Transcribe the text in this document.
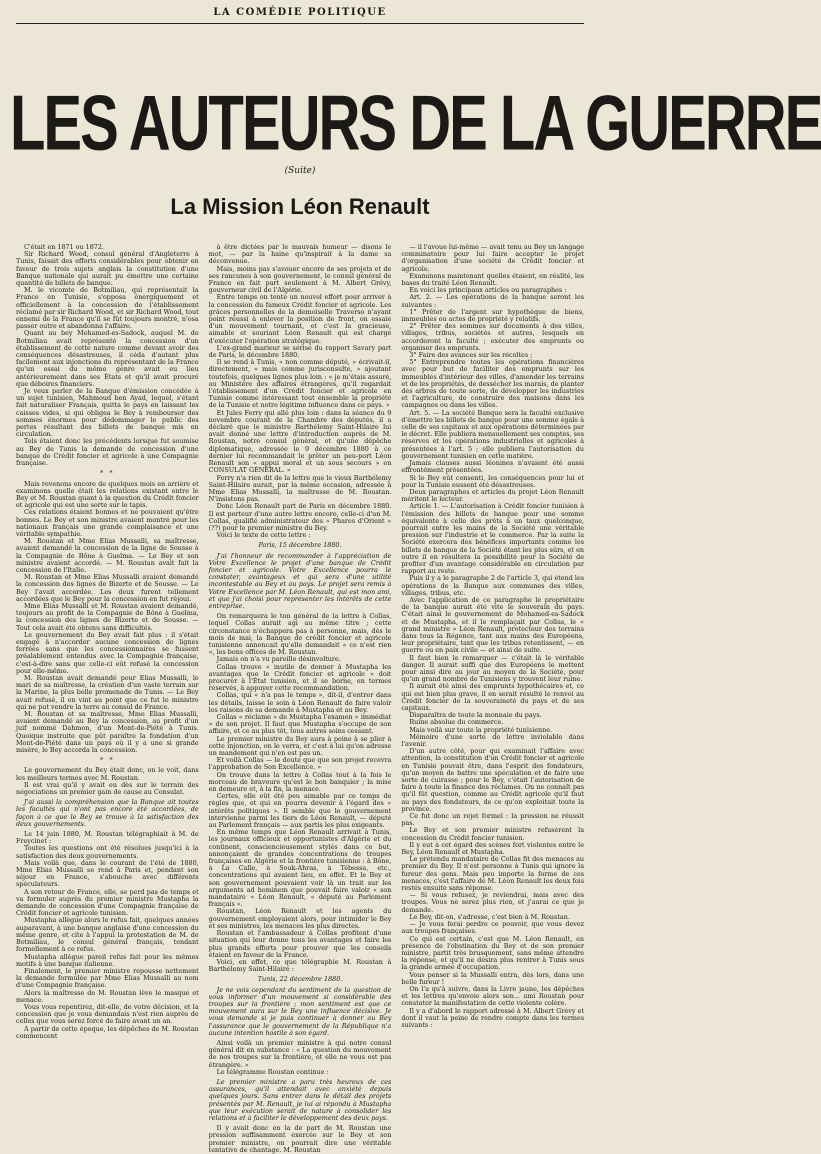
LA COMÉDIE POLITIQUE
LES AUTEURS DE LA GUERRE
(Suite)
La Mission Léon Renault

C'était en 1871 ou 1872.

Sir Richard Wood, consul général d'Angleterre à Tunis, faisait des efforts considérables pour obtenir en faveur de trois sujets anglais la constitution d'une Banque nationale qui aurait pu émettre une certaine quantité de billets de banque.

M. le vicomte de Botmiliau, qui représentait la France en Tunisie, s'opposa énergiquement et officiellement à la concession de l'établissement réclamé par sir Richard Wood, et sir Richard Wood, tout ennemi de la France qu'il se fût toujours montré, n'osa passer outre et abandonna l'affaire.

Quant au bey Mohamed-es-Sadock, auquel M. de Botmiliau avait représenté la concession d'un établissement de cette nature comme devant avoir des conséquences désastreuses, il céda d'autant plus facilement aux injonctions du représentant de la France qu'un essai du même genre avait eu lieu antérieurement dans ses États et qu'il avait procuré que déboires financiers.

Je veux parler de la Banque d'émission concédée à un sujet tunisien, Mahmoud ben Ayad, lequel, s'étant fait naturaliser Français, quitta le pays en laissant les caisses vides, si qui obligea le Bey à rembourser des sommes énormes pour dédommager le public des pertes résultant des billets de banque mis en circulation.

Tels étaient donc les précédents lorsque fut soumise au Bey de Tunis la demande de concession d'une banque de Crédit foncier et agricole à une Compagnie française.

* *

Mais revenons encore de quelques mois en arrière et examinons quelle était les relations existant entre le Bey et M. Roustan quant à la question du Crédit foncier et agricole qui est une sorte sur le tapis.

Ces relations étaient bonnes et ne pouvaient qu'être bonnes. Le Bey et son ministre avaient montré pour les nationaux français une grande complaisance et une véritable sympathie.

M. Roustan et Mme Elias Mussalli, sa maîtresse, avaient demandé la concession de la ligne de Sousse à la Compagnie de Bône à Guelma. — Le Bey et son ministre avaient accordé. — M. Roustan avait fait la concession de l'Italie.

M. Roustan et Mme Elias Mussalli avaient demandé la concession des lignes de Bizerte et de Sousse. — Le Bey l'avait accordée. Les deux furent tellement accordées que le Bey pour la concession en fut réjoui.

Mme Elias Mussalli et M. Roustan avaient demandé, toujours au profit de la Compagnie de Bône à Guelma, la concession des lignes de Bizerte et de Sousse. — Tout cela avait été obtenu sans difficultés.

Le gouvernement du Bey avait fait plus : il s'était engagé à n'accorder aucune concession de lignes ferrées sans que les concessionnaires se fussent préalablement entendus avec la Compagnie française, c'est-à-dire sans que celle-ci eût refusé la concession pour elle-même.

M. Roustan avait demandé pour Elias Mussalli, le mari de sa maîtresse, la création d'un vaste terrain sur la Marine, la plus belle promenade de Tunis. — Le Bey avait refusé, il en vint au point que ce fut le ministre qui ne put vendre la terre au consul de France.

M. Roustan et sa maîtresse, Mme Elias Mussalli, avaient demandé au Bey la concession, au profit d'un juif nommé Dahmon, d'un Mont-de-Piété à Tunis. Quoique instruite que pût paraître la fondation d'un Mont-de-Piété dans un pays où il y a une si grande misère, le Bey accorda la concession.

* *

Le gouvernement du Bey était donc, on le voit, dans les meilleurs termes avec M. Roustan.

Il est vrai qu'il y avait eu dès sur le terrain des négociations un premier gain de cause au Consulat.

J'ai aussi la compréhension que la Banque ait toutes les facultés qui n'ont pas encore été accordées, de façon à ce que le Bey se trouve à la satisfaction des deux gouvernements.

Le 14 juin 1880, M. Roustan télégraphiait à M. de Freycinet :

Toutes les questions ont été résolues jusqu'ici à la satisfaction des deux gouvernements.

Mais voilà que, dans le courant de l'été de 1880, Mme Elias Mussalli se rend à Paris et, pendant son séjour en France, s'abouche avec différents spéculateurs.

A son retour de France, elle, se perd pas de temps et va formuler auprès du premier ministre Mustapha la demande de concession d'une Compagnie française de Crédit foncier et agricole tunisien.

Mustapha allègue alors le refus fait, quelques années auparavant, à une banque anglaise d'une concession du même genre, et cite à l'appui la protestation de M. de Botmiliau, le consul général français, tendant formellement à ce refus.

Mustapha allègue pareil refus fait pour les mêmes motifs à une banque italienne.

Finalement, le premier ministre repousse nettement la demande formulée par Mme Elias Mussalli au nom d'une Compagnie française.

Alors la maîtresse de M. Roustan lève le masque et menace.

Vous vous repentirez, dit-elle, de votre décision, et la concession que je vous demandais n'est rien auprès de celles que vous serez forcé de faire avant un an.

A partir de cette époque, les dépêches de M. Roustan commencent

à être dictées par le mauvais humeur — disons le mot, — par la haine qu'inspirait à la dame sa déconvenue.

Mais, moins pas s'avouer encore de ses projets et de ses rancunes à son gouvernement, le consul général de France en fait part seulement à M. Albert Grévy, gouverneur civil de l'Algérie.

Entre temps on tente un nouvel effort pour arriver à la concession du fameux Crédit foncier et agricole. Les grâces personnelles de la demoiselle Traverso n'ayant point réussi à enlever la position de front, on essaie d'un mouvement tournant, et c'est la gracieuse, aimable et souriant Léon Renault qui est chargé d'exécuter l'opération stratégique.

L'ex-grand marieur se sérise du rapport Savary part de Paris, le décembre 1880.

Il se rend à Tunis, « non comme député, » écrivait-il, directement, « mais comme jurisconsulte, » ajoutant toutefois, quelques lignes plus loin : « je m'étais assuré, au Ministère des affaires étrangères, qu'il regardait l'établissement d'un Crédit foncier et agricole en Tunisie comme intéressant tout ensemble la propriété de la Tunisie et notre légitime influence dans ce pays. »

Et Jules Ferry qui allé plus loin : dans la séance du 9 novembre courant de la Chambre des députés, il a déclaré que le ministre Barthélemy Saint-Hilaire lui avait donné une lettre d'introduction auprès de M. Roustan, notre consul général, et qu'une dépêche diplomatique, adressée le 9 décembre 1880 à ce dernier lui recommandait le prêter un peu-port Léon Renault son « appui moral et un sous secours » en CONSULAT GÉNÉRAL. »

Ferry n'a rien dit de la lettre que le vieux Barthélemy Saint-Hilaire aurait, par la même occasion, adressée à Mme Elias Mussalli, la maîtresse de M. Roustan. N'insistons pas.

Donc Léon Renault part de Paris en décembre 1880. Il est porteur d'une autre lettre encore, celle-ci d'un M. Collas, qualifié administrateur des « Phares d'Orient » (??) pour le premier ministre du Bey.

Voici le texte de cette lettre :

Paris, 15 décembre 1880.

J'ai l'honneur de recommander à l'appréciation de Votre Excellence le projet d'une banque de Crédit foncier et agricole. Votre Excellence pourra le constater, avantageux et qui sera d'une utilité incontestable au Bey et au pays. Le projet sera remis à Votre Excellence par M. Léon Renault, qui est mon ami, et que j'ai choisi pour représenter les intérêts de cette entreprise.

On remarquera le ton général de la lettre à Collas, lequel Collas aurait agi au même titre ; cette circonstance n'échappera pas à personne, mais, dès le mois de mai, la Banque de crédit foncier et agricole tunisienne annoncait qu'elle demandait « ce n'est rien », les bons offices de M. Roustan.

Jamais on n'a vu pareille désinvolture.

Collas trouve « inutile de donner à Mustapha les avantages que le Crédit foncier et agricole » doit procurer à l'État tunisien, et il se borne, en termes réservés, à appuyer cette recommandation.

Collas, qui « n'a pas le temps », dit-il, d'entrer dans les détails, laisse le soin à Léon Renault de faire valoir les raisons de sa demande à Mustapha et au Bey.

Collas « réclame » de Mustapha l'examen « immédiat » de son projet. Il faut que Mustapha s'occupe de son affaire, et ce au plus tôt, tous autres soins cessant.

Le premier ministre du Bey aura à peine à se plier à cette injonction, on le verra, et c'est à lui qu'on adresse un mandement qui n'en est pas un.

Et voilà Collas — le doute que que son projet recevra l'approbation de Son Excellence. »

On trouve dans la lettre à Collas tout à la fois le morceau de bravoure qu'est le bon banquier ; la mise en demeure et, à la fin, la menace.

Certes, elle eût été peu aimable par ce temps de règles que, et qui en pourra devenir à l'égard des « intérêts politiques ». Il semble que le gouvernement intervienne parmi les tiers de Léon Renault, — député au Parlement français — aux partis les plus exigeants.

En même temps que Léon Renault arrivait à Tunis, les journaux officieux et opportunistes d'Algérie et du continent, consciencieusement stylés dans ce but, annonçaient de grandes concentrations de troupes françaises en Algérie et la frontière tunisienne : à Bône, à La Calle, à Souk-Ahras, à Tébessa, etc., concentrations qui avaient lieu, en effet. Et le Bey et son gouvernement pouvaient voir là un trait sur les arguments ad hominem que pouvait faire valoir « son mandataire » Léon Renault, « député au Parlement français ».

Roustan, Léon Renault et les agents du gouvernement employaient alors, pour intimider le Bey et ses ministres, les menaces les plus directes.

Roustan et l'ambassadeur à Collas profitent d'une situation qui leur donne tous les avantages et faire les plus grands efforts pour prouver que les conseils étaient en faveur de la France.

Voici, en effet, ce que télégraphie M. Roustan à Barthélemy Saint-Hilaire :

Tunis, 22 décembre 1880.

Je ne vois cependant du sentiment de la question de vous informer d'un mouvement si considérable des troupes sur la frontière ; mon sentiment est que ce mouvement aura sur le Bey une influence décisive. Je vous demande si je puis continuer à donner au Bey l'assurance que le gouvernement de la République n'a aucune intention hostile à son égard.

Ainsi voilà un premier ministre à qui notre consul général dit en substance : « La question du mouvement de nos troupes sur la frontière, et elle ne vous est pas étrangère. »

Le télégramme Roustan continue :

Le premier ministre a paru très heureux de ces assurances, qu'il attendait avec anxiété depuis quelques jours. Sans entrer dans le détail des projets présentés par M. Renault, je lui ai répondu à Mustapha que leur exécution serait de nature à consolider les relations et à faciliter le développement des deux pays.

Il y avait donc en la de part de M. Roustan une pression suffisamment exercée sur le Bey et son premier ministre, on pourrait dire une véritable tentative de chantage. M. Roustan

— il l'avoue lui-même — avait tenu au Bey un langage comminatoire pour lui faire accepter le projet d'organisation d'une société de Crédit foncier et agricole.

Examinons maintenant quelles étaient, en réalité, les bases du traité Léon Renault.

En voici les principaux articles ou paragraphes :

Art. 2. — Les opérations de la banque seront les suivantes :

1° Prêter de l'argent sur hypothèque de biens, immeubles ou actes de propriété y relatifs.

2° Prêter des sommes sur documents à des villes, villages, tribus, sociétés et autres, lesquels en accorderont la faculté ; exécuter des emprunts ou organiser des emprunts.

3° Faire des avances sur les récoltes ;

5° Entreprendre toutes les opérations financières avec pour but de faciliter des emprunts sur les immeubles d'intérieur des villes, d'amender les terrains et de les propriétés, de dessécher les marais, de planter des arbres de toute sorte, de développer les industries et l'agriculture, de construire des maisons dans les campagnes ou dans les villes.

Art. 5. — La société Banque sera la faculté exclusive d'émettre les billets de banque pour une somme égale à celle de ses capitaux et aux opérations déterminées par le décret. Elle publiera mensuellement ses comptes, ses réserves et les opérations industrielles et agricoles à présentées à l'art. 5 ; elle publiera l'autorisation du gouvernement tunisien en cette matière.

Jamais clauses aussi léonines n'avaient été aussi effrontément présentées.

Si le Bey eût consenti, les conséquences pour lui et pour la Tunisie eussent été désastreuses.

Deux paragraphes et articles du projet Léon Renault méritent le lecteur.

Article 1. — L'autorisation à Crédit foncier tunisien à l'émission des billets de banque pour une somme équivalente à celle des prêts à un taux quelconque, pourrait entre les mains de la Société une véritable pression sur l'industrie et le commerce. Par la suite la Société exercera des bénéfices importants comme les billets de banque de la Société étant les plus sûrs, et en outre il en résultera la possibilité pour la Société de profiter d'un avantage considérable en circulation par rapport au reste.

Puis il y a le paragraphe 2 de l'article 3, qui étend les opérations de la Banque aux communes des villes, villages, tribus, etc.

Avec l'application de ce paragraphe le propriétaire de la banque aurait été vite le souverain du pays. C'était ainsi le gouvernement de Mohamed-es-Sadock et de Mustapha, et il le remplaçait par Collas, le « grand ministre » Léon Renault, protecteur des terrains dans tous la Régence, tant aux mains des Européens, leur propriétaire, tant que les tribus retentissent, — en guerre ou en paix civile — et ainsi de suite.

Il faut bien le remarquer — c'était là le véritable danger. Il aurait suffi que des Européens le mettent pour ainsi dire au jour au moyen de la Société, pour qu'un grand nombre de Tunisiens y trouvent leur ruine.

Il aurait été ainsi des emprunts hypothécaires et, ce qui est bien plus grave, il en serait résulté le renvoi au Crédit foncier de la souveraineté du pays et de ses capitaux.

Disparaîtra de toute la monnaie du pays.

Ruine absolue du commerce.

Mais voilà sur toute la propriété tunisienne.

Mémoire d'une sorte de lettre inviolable dans l'avenir.

D'un autre côté, pour qui examinait l'affaire avec attention, la constitution d'un Crédit foncier et agricole en Tunisie pouvait être, dans l'esprit des fondateurs, qu'un moyen de battre une spéculation et de faire une sorte de cuirasse ; pour le Bey, c'était l'autorisation de faire à toute la finance des réclames. On ne connaît pas qu'il fût question, comme au Crédit agricole qu'il faut au pays des fondateurs, de ce qu'on exploitait toute la province.

Ce fut donc un rejet formel : la pression ne réussit pas.

Le Bey et son premier ministre refusèrent la concession du Crédit foncier tunisien.

Il y eut à cet égard des scènes fort violentes entre le Bey, Léon Renault et Mustapha.

Le prétendu mandataire de Collas fit des menaces au premier du Bey. Il n'est personne à Tunis qui ignore la fureur des gens. Mais peu importe la forme de ces menaces, c'est l'affaire de M. Léon Renault les deux fois restés ensuite sans réponse.

— Si vous refusez, je reviendrai, mais avec des troupes. Vous ne serez plus rien, et j'aurai ce que je demande.

Le Bey, dit-on, s'adresse, c'est bien à M. Roustan.

— Je vous ferai perdre ce pouvoir, que vous devez aux troupes françaises.

Ce qui est certain, c'est que M. Léon Renault, en présence de l'obstination du Bey et de son premier ministre, partit très brusquement, sans même attendre la réponse, et qu'il ne désira plus rentrer à Tunis sous la grande armée d'occupation.

Vous penser si la Mussalli entra, dès lors, dans une belle fureur !

On l'a qu'à suivre, dans la Livre jaune, les dépêches et les lettres qu'envoie alors son... ami Roustan pour constater la manifestation de cette violente colère.

Il y a d'abord le rapport adressé à M. Albert Grévy et dont il vaut la peine de rendre compte dans les termes suivants :
